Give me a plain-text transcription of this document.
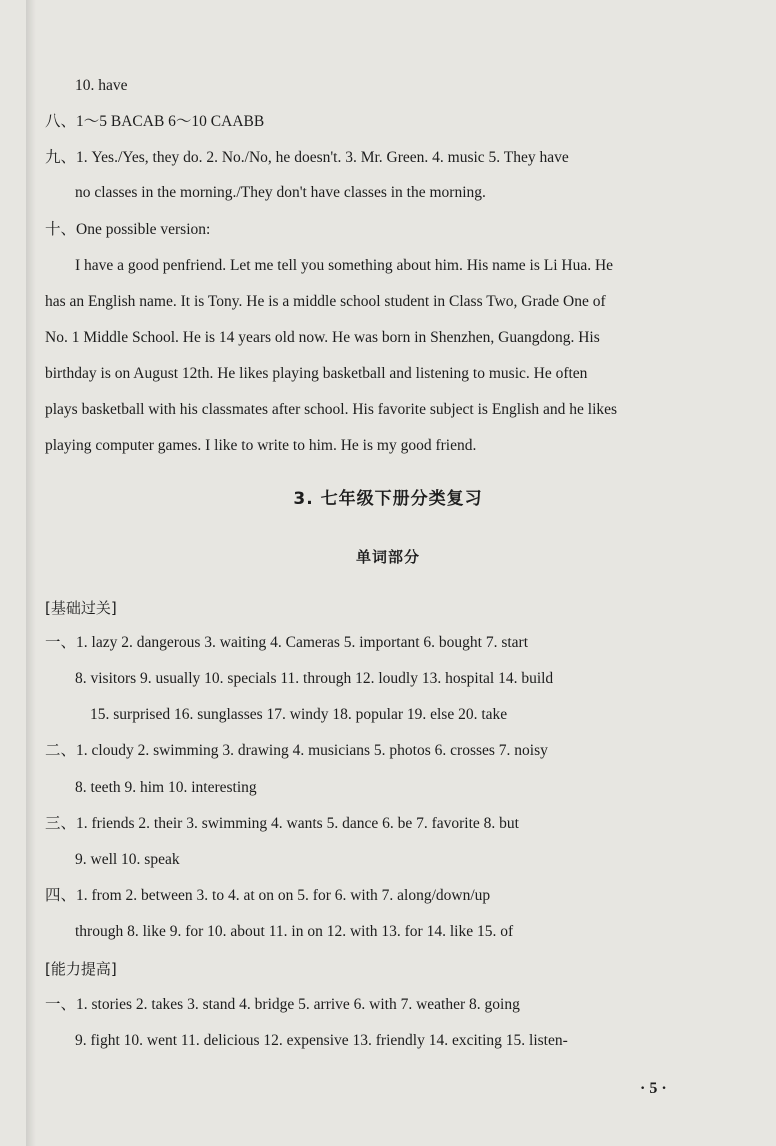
10. have
八、1～5 BACAB 6～10 CAABB
九、1. Yes./Yes, they do. 2. No./No, he doesn't. 3. Mr. Green. 4. music 5. They have
no classes in the morning./They don't have classes in the morning.
十、One possible version:
I have a good penfriend. Let me tell you something about him. His name is Li Hua. He
has an English name. It is Tony. He is a middle school student in Class Two, Grade One of
No. 1 Middle School. He is 14 years old now. He was born in Shenzhen, Guangdong. His
birthday is on August 12th. He likes playing basketball and listening to music. He often
plays basketball with his classmates after school. His favorite subject is English and he likes
playing computer games. I like to write to him. He is my good friend.
3. 七年级下册分类复习
单词部分
[基础过关]
一、1. lazy 2. dangerous 3. waiting 4. Cameras 5. important 6. bought 7. start
8. visitors 9. usually 10. specials 11. through 12. loudly 13. hospital 14. build
15. surprised 16. sunglasses 17. windy 18. popular 19. else 20. take
二、1. cloudy 2. swimming 3. drawing 4. musicians 5. photos 6. crosses 7. noisy
8. teeth 9. him 10. interesting
三、1. friends 2. their 3. swimming 4. wants 5. dance 6. be 7. favorite 8. but
9. well 10. speak
四、1. from 2. between 3. to 4. at on on 5. for 6. with 7. along/down/up
through 8. like 9. for 10. about 11. in on 12. with 13. for 14. like 15. of
[能力提高]
一、1. stories 2. takes 3. stand 4. bridge 5. arrive 6. with 7. weather 8. going
9. fight 10. went 11. delicious 12. expensive 13. friendly 14. exciting 15. listen-
· 5 ·
